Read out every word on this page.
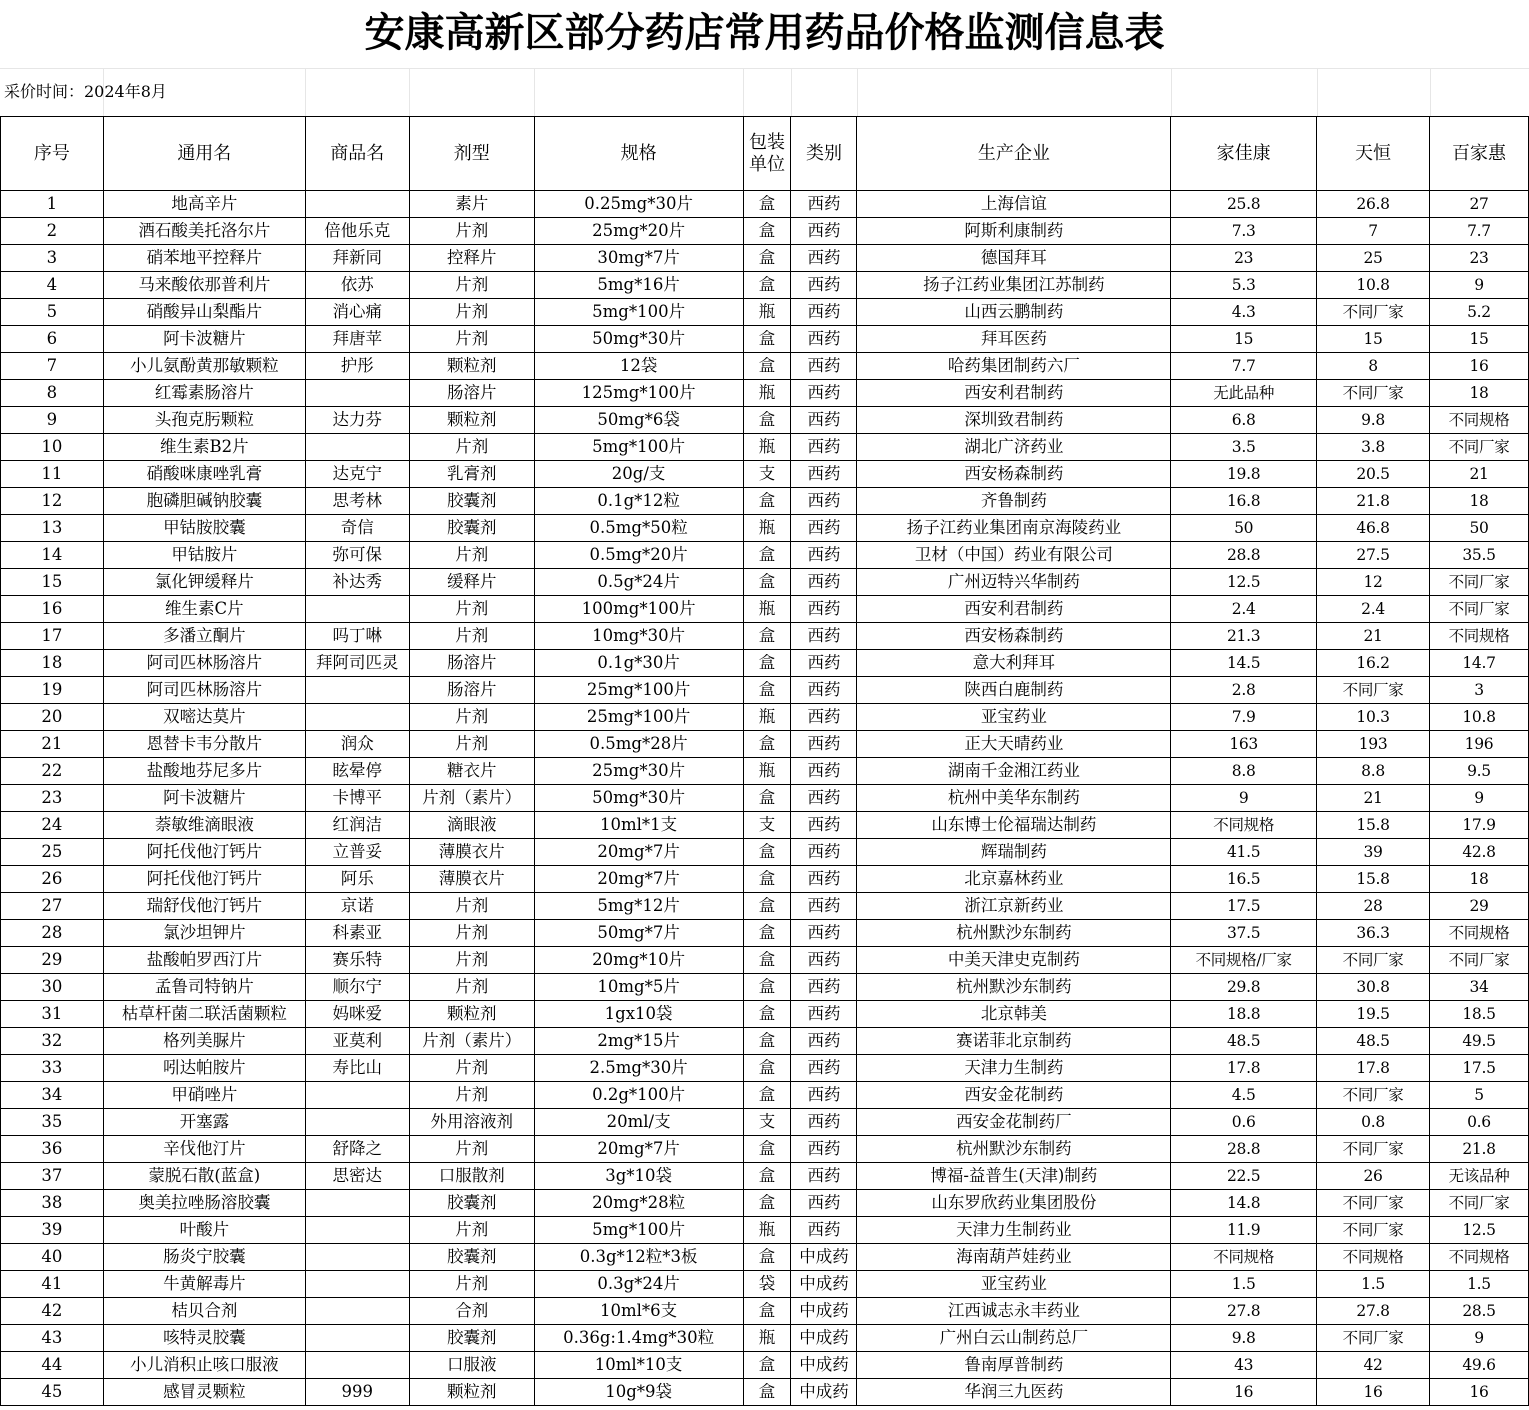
安康高新区部分药店常用药品价格监测信息表
采价时间：2024年8月
序号	通用名	商品名	剂型	规格	包装单位	类别	生产企业	家佳康	天恒	百家惠
1	地高辛片		素片	0.25mg*30片	盒	西药	上海信谊	25.8	26.8	27
2	酒石酸美托洛尔片	倍他乐克	片剂	25mg*20片	盒	西药	阿斯利康制药	7.3	7	7.7
3	硝苯地平控释片	拜新同	控释片	30mg*7片	盒	西药	德国拜耳	23	25	23
4	马来酸依那普利片	依苏	片剂	5mg*16片	盒	西药	扬子江药业集团江苏制药	5.3	10.8	9
5	硝酸异山梨酯片	消心痛	片剂	5mg*100片	瓶	西药	山西云鹏制药	4.3	不同厂家	5.2
6	阿卡波糖片	拜唐苹	片剂	50mg*30片	盒	西药	拜耳医药	15	15	15
7	小儿氨酚黄那敏颗粒	护彤	颗粒剂	12袋	盒	西药	哈药集团制药六厂	7.7	8	16
8	红霉素肠溶片		肠溶片	125mg*100片	瓶	西药	西安利君制药	无此品种	不同厂家	18
9	头孢克肟颗粒	达力芬	颗粒剂	50mg*6袋	盒	西药	深圳致君制药	6.8	9.8	不同规格
10	维生素B2片		片剂	5mg*100片	瓶	西药	湖北广济药业	3.5	3.8	不同厂家
11	硝酸咪康唑乳膏	达克宁	乳膏剂	20g/支	支	西药	西安杨森制药	19.8	20.5	21
12	胞磷胆碱钠胶囊	思考林	胶囊剂	0.1g*12粒	盒	西药	齐鲁制药	16.8	21.8	18
13	甲钴胺胶囊	奇信	胶囊剂	0.5mg*50粒	瓶	西药	扬子江药业集团南京海陵药业	50	46.8	50
14	甲钴胺片	弥可保	片剂	0.5mg*20片	盒	西药	卫材（中国）药业有限公司	28.8	27.5	35.5
15	氯化钾缓释片	补达秀	缓释片	0.5g*24片	盒	西药	广州迈特兴华制药	12.5	12	不同厂家
16	维生素C片		片剂	100mg*100片	瓶	西药	西安利君制药	2.4	2.4	不同厂家
17	多潘立酮片	吗丁啉	片剂	10mg*30片	盒	西药	西安杨森制药	21.3	21	不同规格
18	阿司匹林肠溶片	拜阿司匹灵	肠溶片	0.1g*30片	盒	西药	意大利拜耳	14.5	16.2	14.7
19	阿司匹林肠溶片		肠溶片	25mg*100片	盒	西药	陕西白鹿制药	2.8	不同厂家	3
20	双嘧达莫片		片剂	25mg*100片	瓶	西药	亚宝药业	7.9	10.3	10.8
21	恩替卡韦分散片	润众	片剂	0.5mg*28片	盒	西药	正大天晴药业	163	193	196
22	盐酸地芬尼多片	眩晕停	糖衣片	25mg*30片	瓶	西药	湖南千金湘江药业	8.8	8.8	9.5
23	阿卡波糖片	卡博平	片剂（素片）	50mg*30片	盒	西药	杭州中美华东制药	9	21	9
24	萘敏维滴眼液	红润洁	滴眼液	10ml*1支	支	西药	山东博士伦福瑞达制药	不同规格	15.8	17.9
25	阿托伐他汀钙片	立普妥	薄膜衣片	20mg*7片	盒	西药	辉瑞制药	41.5	39	42.8
26	阿托伐他汀钙片	阿乐	薄膜衣片	20mg*7片	盒	西药	北京嘉林药业	16.5	15.8	18
27	瑞舒伐他汀钙片	京诺	片剂	5mg*12片	盒	西药	浙江京新药业	17.5	28	29
28	氯沙坦钾片	科素亚	片剂	50mg*7片	盒	西药	杭州默沙东制药	37.5	36.3	不同规格
29	盐酸帕罗西汀片	赛乐特	片剂	20mg*10片	盒	西药	中美天津史克制药	不同规格/厂家	不同厂家	不同厂家
30	孟鲁司特钠片	顺尔宁	片剂	10mg*5片	盒	西药	杭州默沙东制药	29.8	30.8	34
31	枯草杆菌二联活菌颗粒	妈咪爱	颗粒剂	1gx10袋	盒	西药	北京韩美	18.8	19.5	18.5
32	格列美脲片	亚莫利	片剂（素片）	2mg*15片	盒	西药	赛诺菲北京制药	48.5	48.5	49.5
33	吲达帕胺片	寿比山	片剂	2.5mg*30片	盒	西药	天津力生制药	17.8	17.8	17.5
34	甲硝唑片		片剂	0.2g*100片	盒	西药	西安金花制药	4.5	不同厂家	5
35	开塞露		外用溶液剂	20ml/支	支	西药	西安金花制药厂	0.6	0.8	0.6
36	辛伐他汀片	舒降之	片剂	20mg*7片	盒	西药	杭州默沙东制药	28.8	不同厂家	21.8
37	蒙脱石散(蓝盒)	思密达	口服散剂	3g*10袋	盒	西药	博福-益普生(天津)制药	22.5	26	无该品种
38	奥美拉唑肠溶胶囊		胶囊剂	20mg*28粒	盒	西药	山东罗欣药业集团股份	14.8	不同厂家	不同厂家
39	叶酸片		片剂	5mg*100片	瓶	西药	天津力生制药业	11.9	不同厂家	12.5
40	肠炎宁胶囊		胶囊剂	0.3g*12粒*3板	盒	中成药	海南葫芦娃药业	不同规格	不同规格	不同规格
41	牛黄解毒片		片剂	0.3g*24片	袋	中成药	亚宝药业	1.5	1.5	1.5
42	桔贝合剂		合剂	10ml*6支	盒	中成药	江西诚志永丰药业	27.8	27.8	28.5
43	咳特灵胶囊		胶囊剂	0.36g:1.4mg*30粒	瓶	中成药	广州白云山制药总厂	9.8	不同厂家	9
44	小儿消积止咳口服液		口服液	10ml*10支	盒	中成药	鲁南厚普制药	43	42	49.6
45	感冒灵颗粒	999	颗粒剂	10g*9袋	盒	中成药	华润三九医药	16	16	16
